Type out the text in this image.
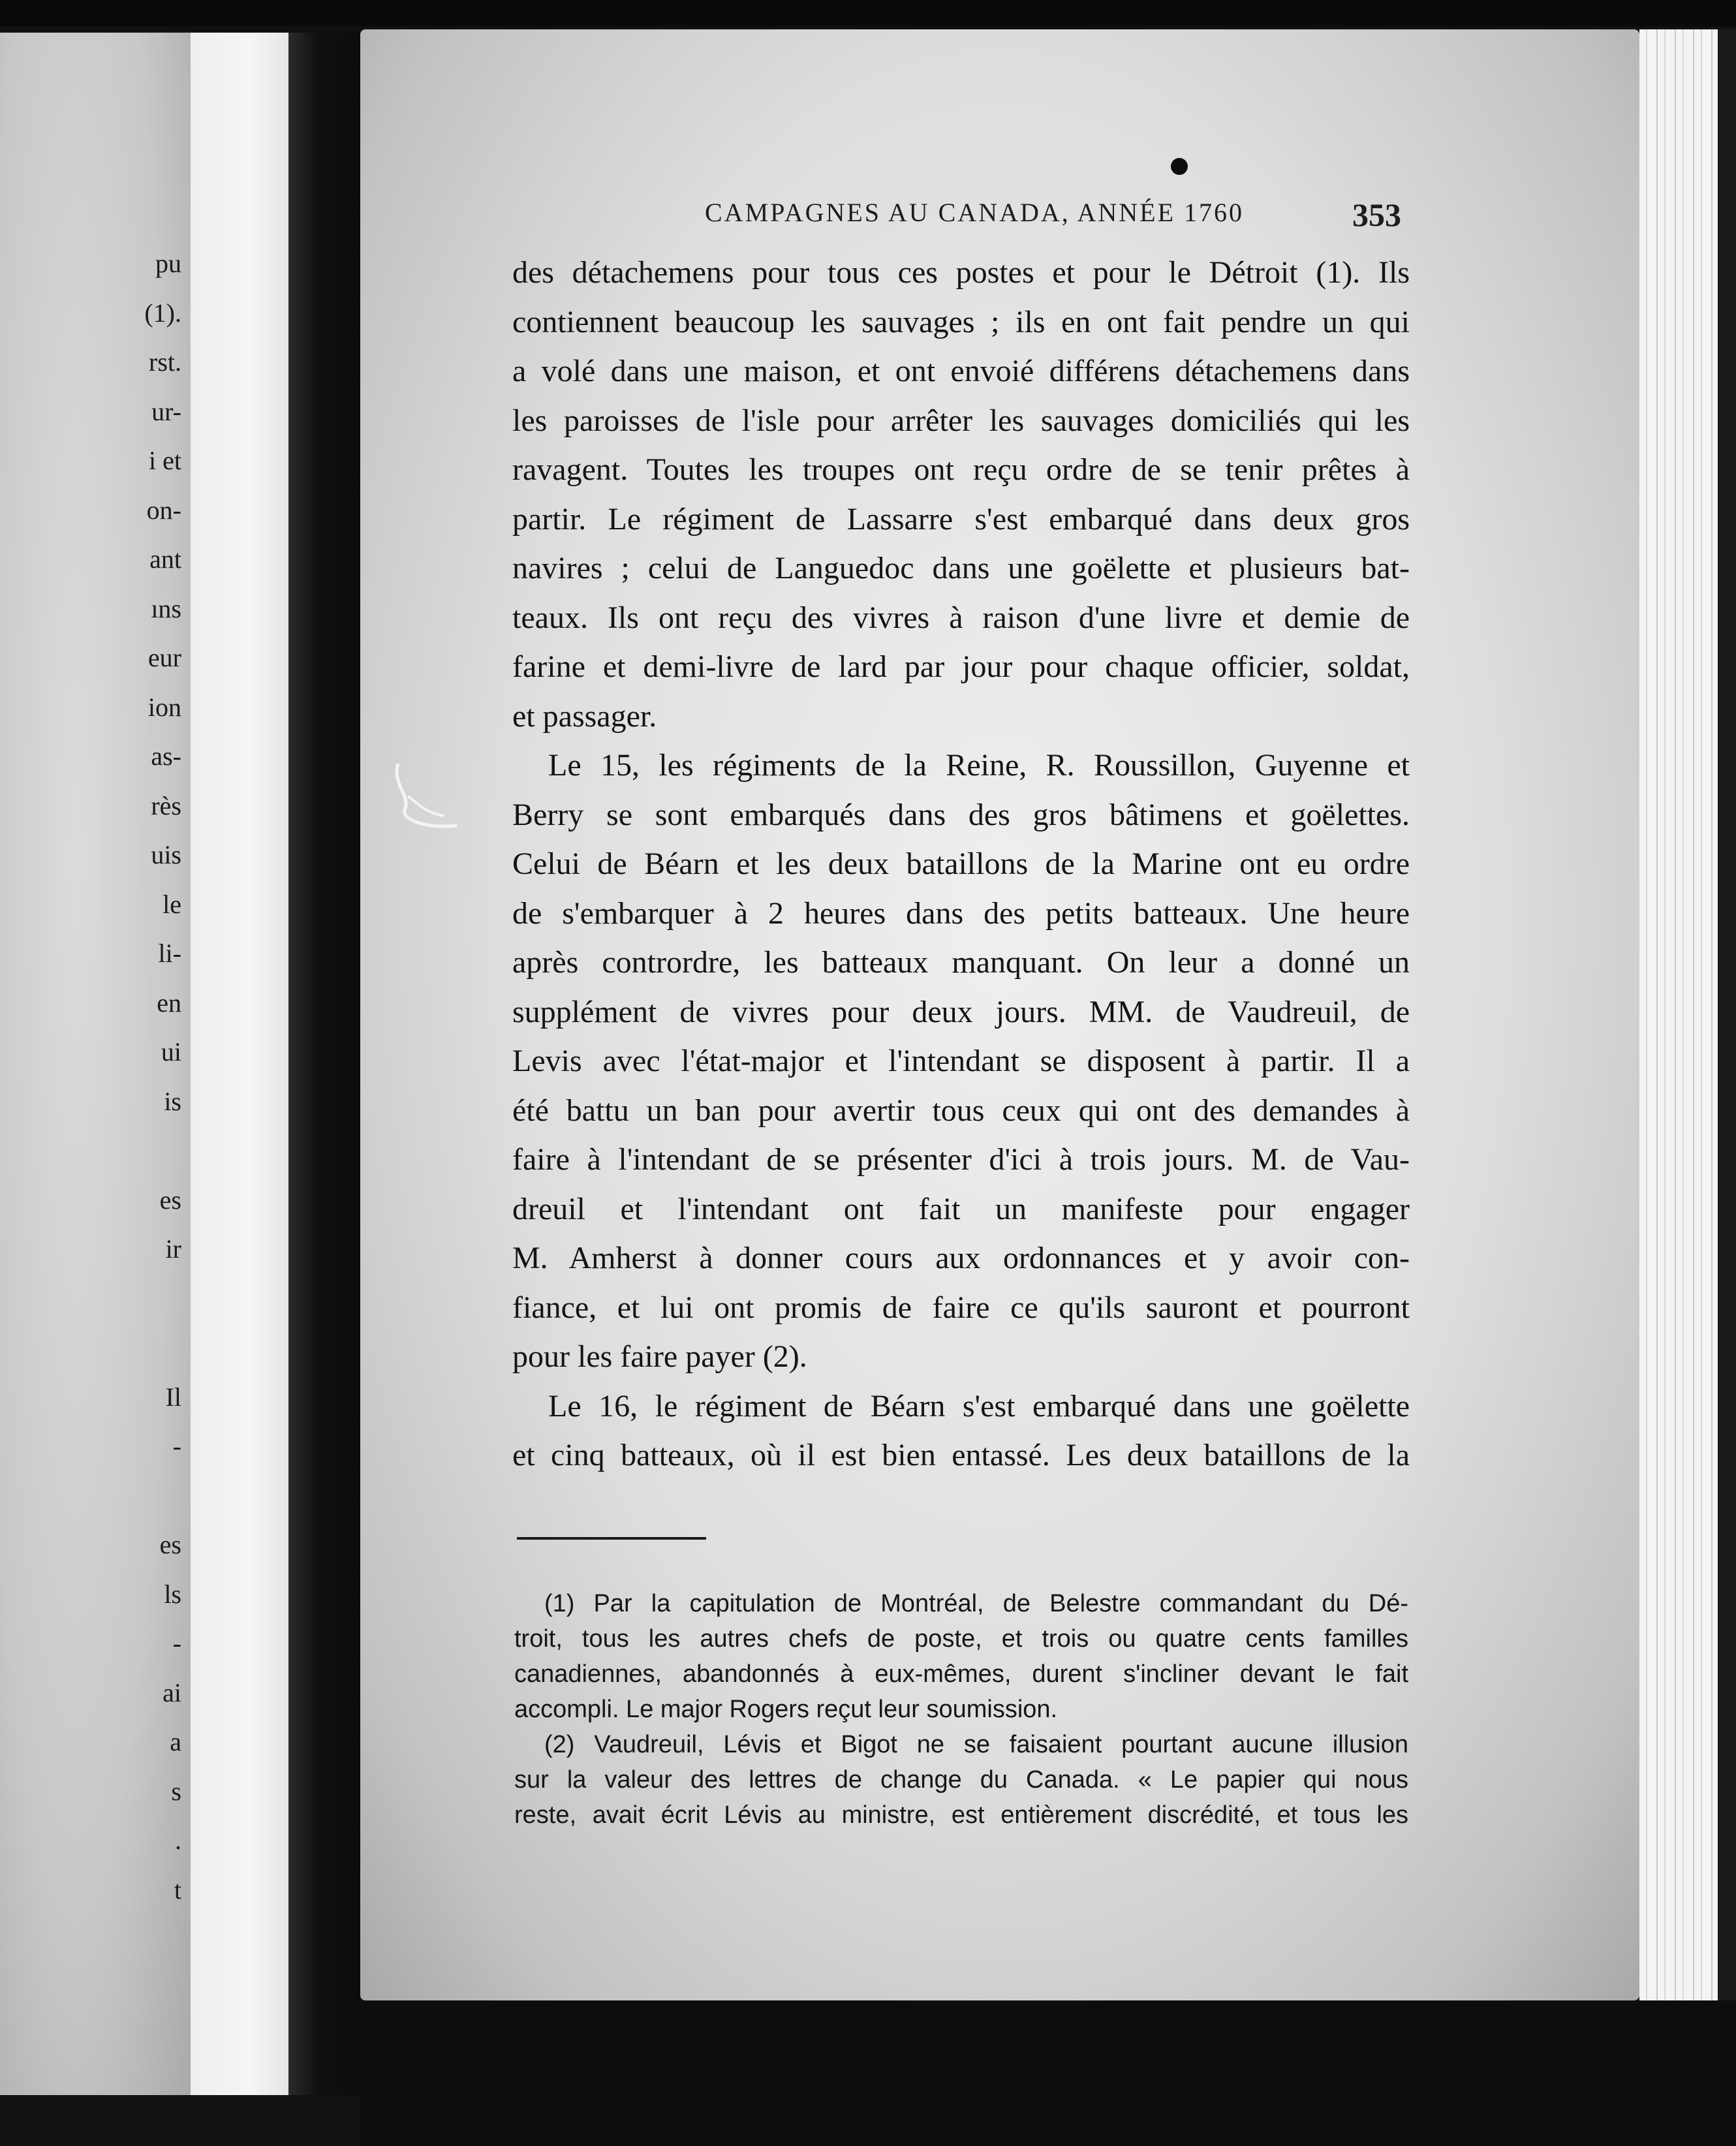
pu
(1).
rst.
ur-
i et
on-
ant
ıns
eur
ion
as-
rès
uis
le
li-
en
ui
is
es
ir
Il
-
es
ls
-
ai
a
s
.
t
CAMPAGNES AU CANADA, ANNÉE 1760	353
des détachemens pour tous ces postes et pour le Détroit (1). Ils
contiennent beaucoup les sauvages ; ils en ont fait pendre un qui
a volé dans une maison, et ont envoié différens détachemens dans
les paroisses de l'isle pour arrêter les sauvages domiciliés qui les
ravagent. Toutes les troupes ont reçu ordre de se tenir prêtes à
partir. Le régiment de Lassarre s'est embarqué dans deux gros
navires ; celui de Languedoc dans une goëlette et plusieurs bat-
teaux. Ils ont reçu des vivres à raison d'une livre et demie de
farine et demi-livre de lard par jour pour chaque officier, soldat,
et passager.
Le 15, les régiments de la Reine, R. Roussillon, Guyenne et
Berry se sont embarqués dans des gros bâtimens et goëlettes.
Celui de Béarn et les deux bataillons de la Marine ont eu ordre
de s'embarquer à 2 heures dans des petits batteaux. Une heure
après contrordre, les batteaux manquant. On leur a donné un
supplément de vivres pour deux jours. MM. de Vaudreuil, de
Levis avec l'état-major et l'intendant se disposent à partir. Il a
été battu un ban pour avertir tous ceux qui ont des demandes à
faire à l'intendant de se présenter d'ici à trois jours. M. de Vau-
dreuil et l'intendant ont fait un manifeste pour engager
M. Amherst à donner cours aux ordonnances et y avoir con-
fiance, et lui ont promis de faire ce qu'ils sauront et pourront
pour les faire payer (2).
Le 16, le régiment de Béarn s'est embarqué dans une goëlette
et cinq batteaux, où il est bien entassé. Les deux bataillons de la
(1) Par la capitulation de Montréal, de Belestre commandant du Dé-
troit, tous les autres chefs de poste, et trois ou quatre cents familles
canadiennes, abandonnés à eux-mêmes, durent s'incliner devant le fait
accompli. Le major Rogers reçut leur soumission.
(2) Vaudreuil, Lévis et Bigot ne se faisaient pourtant aucune illusion
sur la valeur des lettres de change du Canada. « Le papier qui nous
reste, avait écrit Lévis au ministre, est entièrement discrédité, et tous les
